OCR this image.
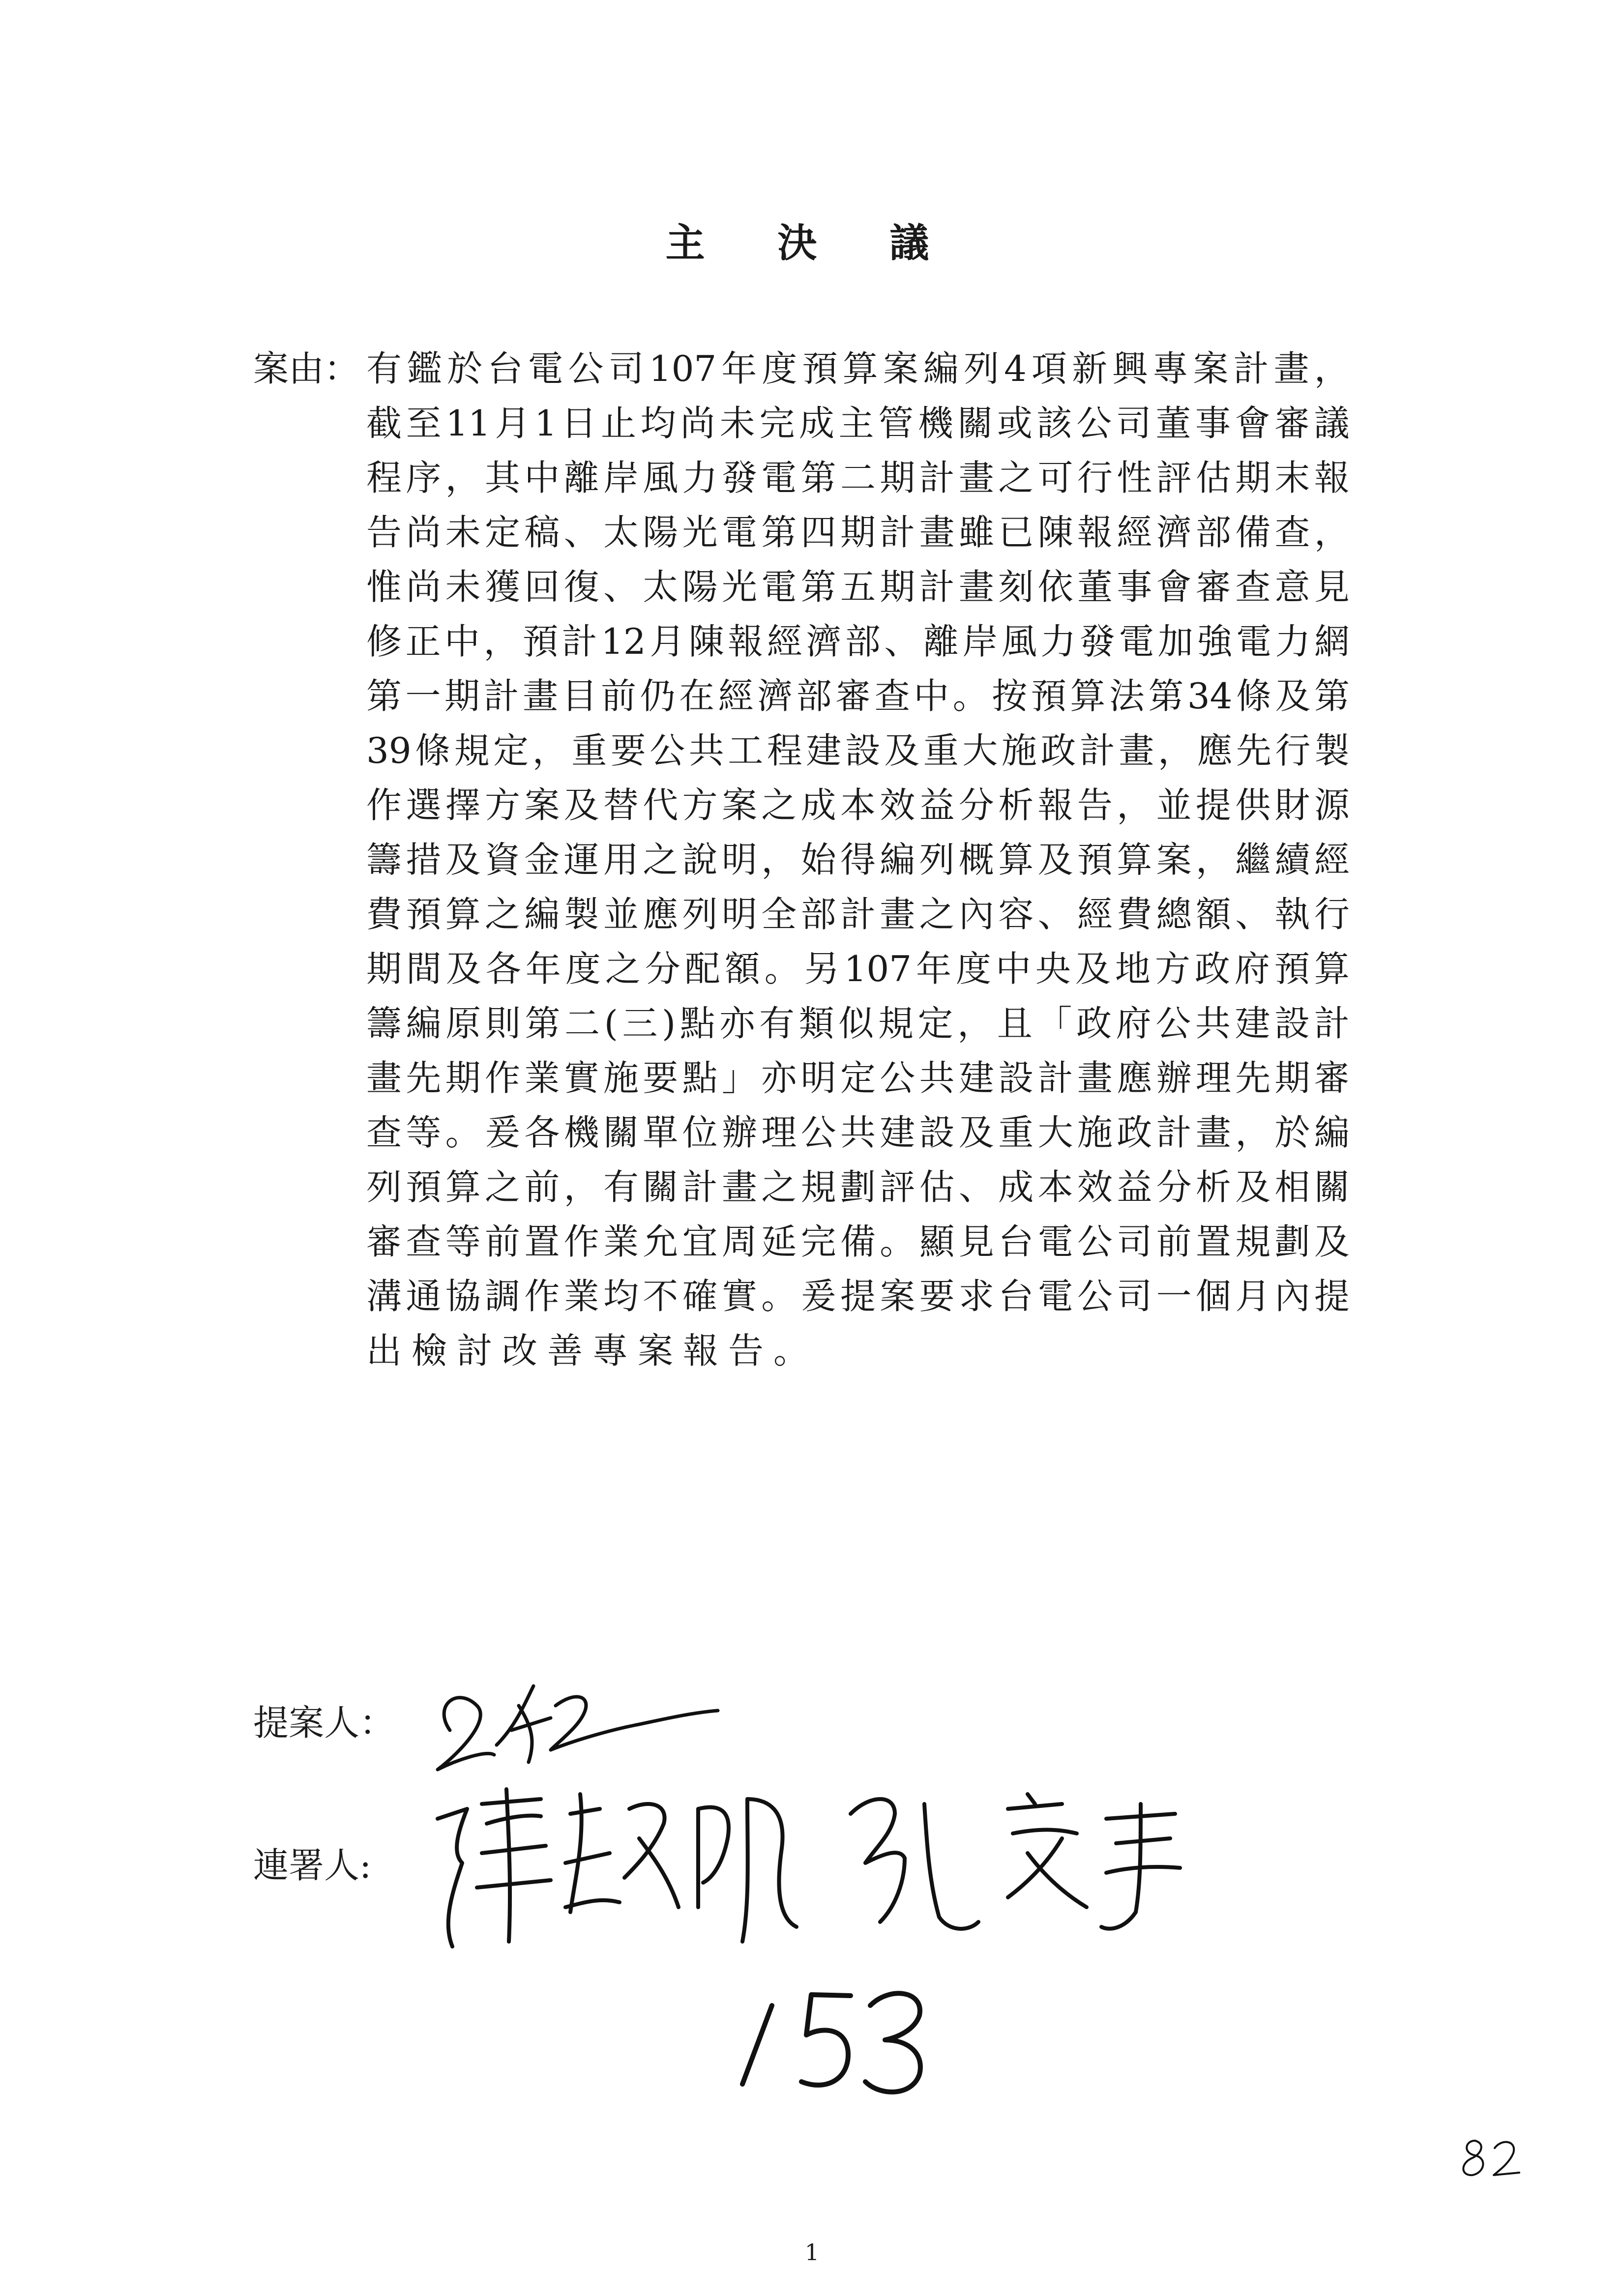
主 決 議
案由： 有 鑑 於 台 電 公 司 107 年 度 預 算 案 編 列 4 項 新 興 專 案 計 畫 ，
截 至 11 月 1 日 止 均 尚 未 完 成 主 管 機 關 或 該 公 司 董 事 會 審 議
程 序 ， 其 中 離 岸 風 力 發 電 第 二 期 計 畫 之 可 行 性 評 估 期 末 報
告 尚 未 定 稿 、 太 陽 光 電 第 四 期 計 畫 雖 已 陳 報 經 濟 部 備 查 ，
惟 尚 未 獲 回 復 、 太 陽 光 電 第 五 期 計 畫 刻 依 董 事 會 審 查 意 見
修 正 中 ， 預 計 12 月 陳 報 經 濟 部 、 離 岸 風 力 發 電 加 強 電 力 網
第 一 期 計 畫 目 前 仍 在 經 濟 部 審 查 中 。 按 預 算 法 第 34 條 及 第
39 條 規 定 ， 重 要 公 共 工 程 建 設 及 重 大 施 政 計 畫 ， 應 先 行 製
作 選 擇 方 案 及 替 代 方 案 之 成 本 效 益 分 析 報 告 ， 並 提 供 財 源
籌 措 及 資 金 運 用 之 說 明 ， 始 得 編 列 概 算 及 預 算 案 ， 繼 續 經
費 預 算 之 編 製 並 應 列 明 全 部 計 畫 之 內 容 、 經 費 總 額 、 執 行
期 間 及 各 年 度 之 分 配 額 。 另 107 年 度 中 央 及 地 方 政 府 預 算
籌 編 原 則 第 二 ( 三 ) 點 亦 有 類 似 規 定 ， 且 「 政 府 公 共 建 設 計
畫 先 期 作 業 實 施 要 點 」 亦 明 定 公 共 建 設 計 畫 應 辦 理 先 期 審
查 等 。 爰 各 機 關 單 位 辦 理 公 共 建 設 及 重 大 施 政 計 畫 ， 於 編
列 預 算 之 前 ， 有 關 計 畫 之 規 劃 評 估 、 成 本 效 益 分 析 及 相 關
審 查 等 前 置 作 業 允 宜 周 延 完 備 。 顯 見 台 電 公 司 前 置 規 劃 及
溝 通 協 調 作 業 均 不 確 實 。 爰 提 案 要 求 台 電 公 司 一 個 月 內 提
出檢討改善專案報告。
提案人：
連署人:
1
